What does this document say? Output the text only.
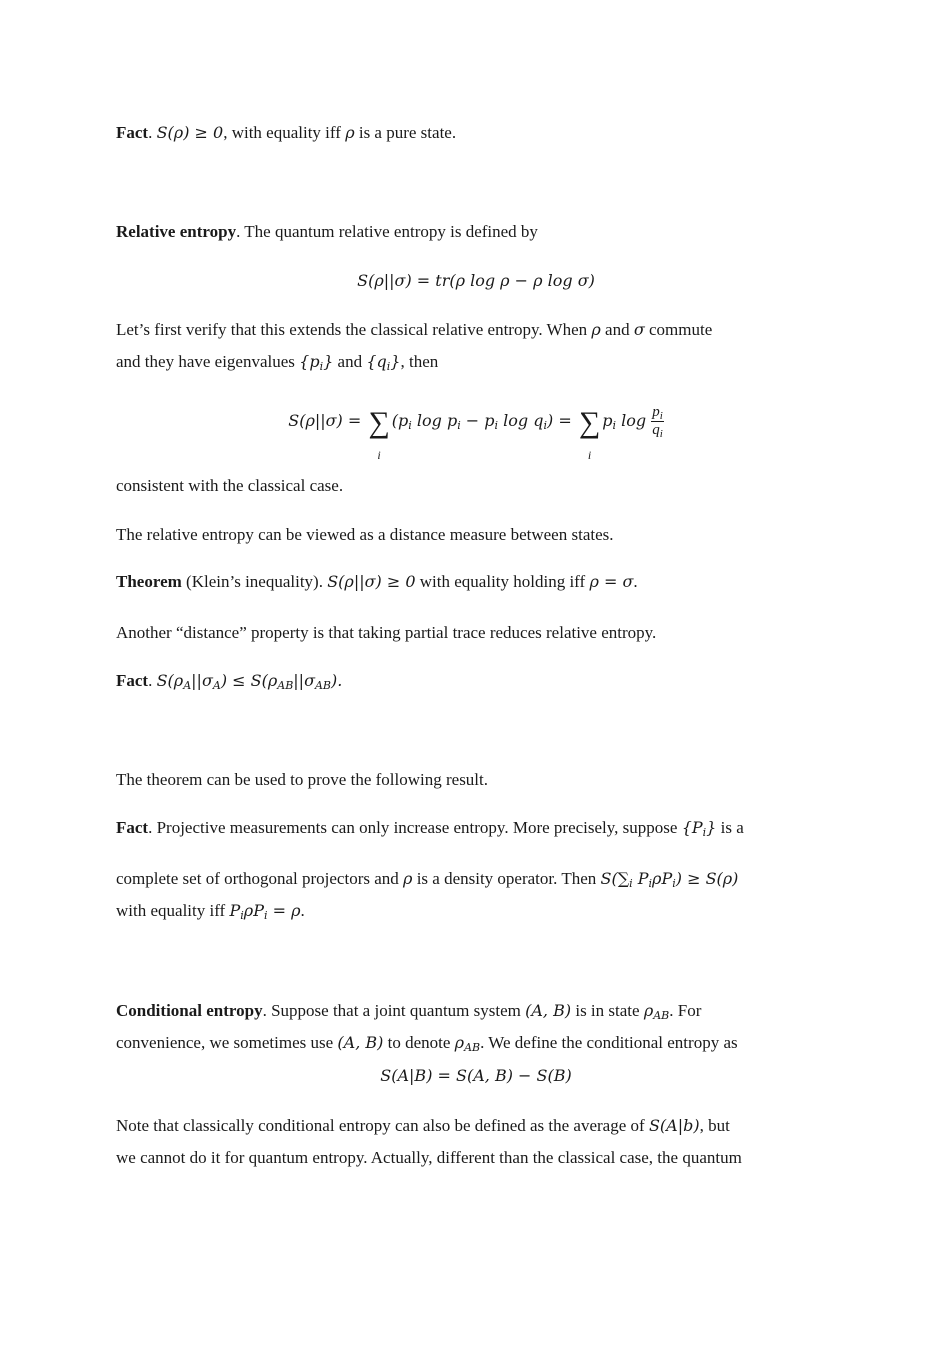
Fact. S(ρ) ≥ 0, with equality iff ρ is a pure state.
Relative entropy. The quantum relative entropy is defined by
S(ρ||σ) = tr(ρ log ρ − ρ log σ)
Let’s first verify that this extends the classical relative entropy. When ρ and σ commute
and they have eigenvalues $\{p_i\}$ and $\{q_i\}$, then
S(ρ||σ) = ∑
i
($p_i$ $\log p_i - p_i$ $\log q_i$) = ∑
i
$p_i$ $\log \frac{p_i}{q_i}$
consistent with the classical case.
The relative entropy can be viewed as a distance measure between states.
Theorem (Klein’s inequality). S(ρ||σ) ≥ 0 with equality holding iff ρ = σ.
Another “distance” property is that taking partial trace reduces relative entropy.
Fact. $S(\rho_A||\sigma_A) \le S(\rho_{AB}||\sigma_{AB})$.
The theorem can be used to prove the following result.
Fact. Projective measurements can only increase entropy. More precisely, suppose $\{P_i\}$ is a
complete set of orthogonal projectors and ρ is a density operator. Then $S(\sum_i$ $P_i\rho P_i) \ge S(\rho)$
with equality iff $P_i\rho P_i = \rho$.
Conditional entropy. Suppose that a joint quantum system (A, B) is in state $\rho_{AB}$. For
convenience, we sometimes use (A, B) to denote $\rho_{AB}$. We define the conditional entropy as
S(A|B) = S(A, B) − S(B)
Note that classically conditional entropy can also be defined as the average of S(A|b), but
we cannot do it for quantum entropy. Actually, different than the classical case, the quantum
